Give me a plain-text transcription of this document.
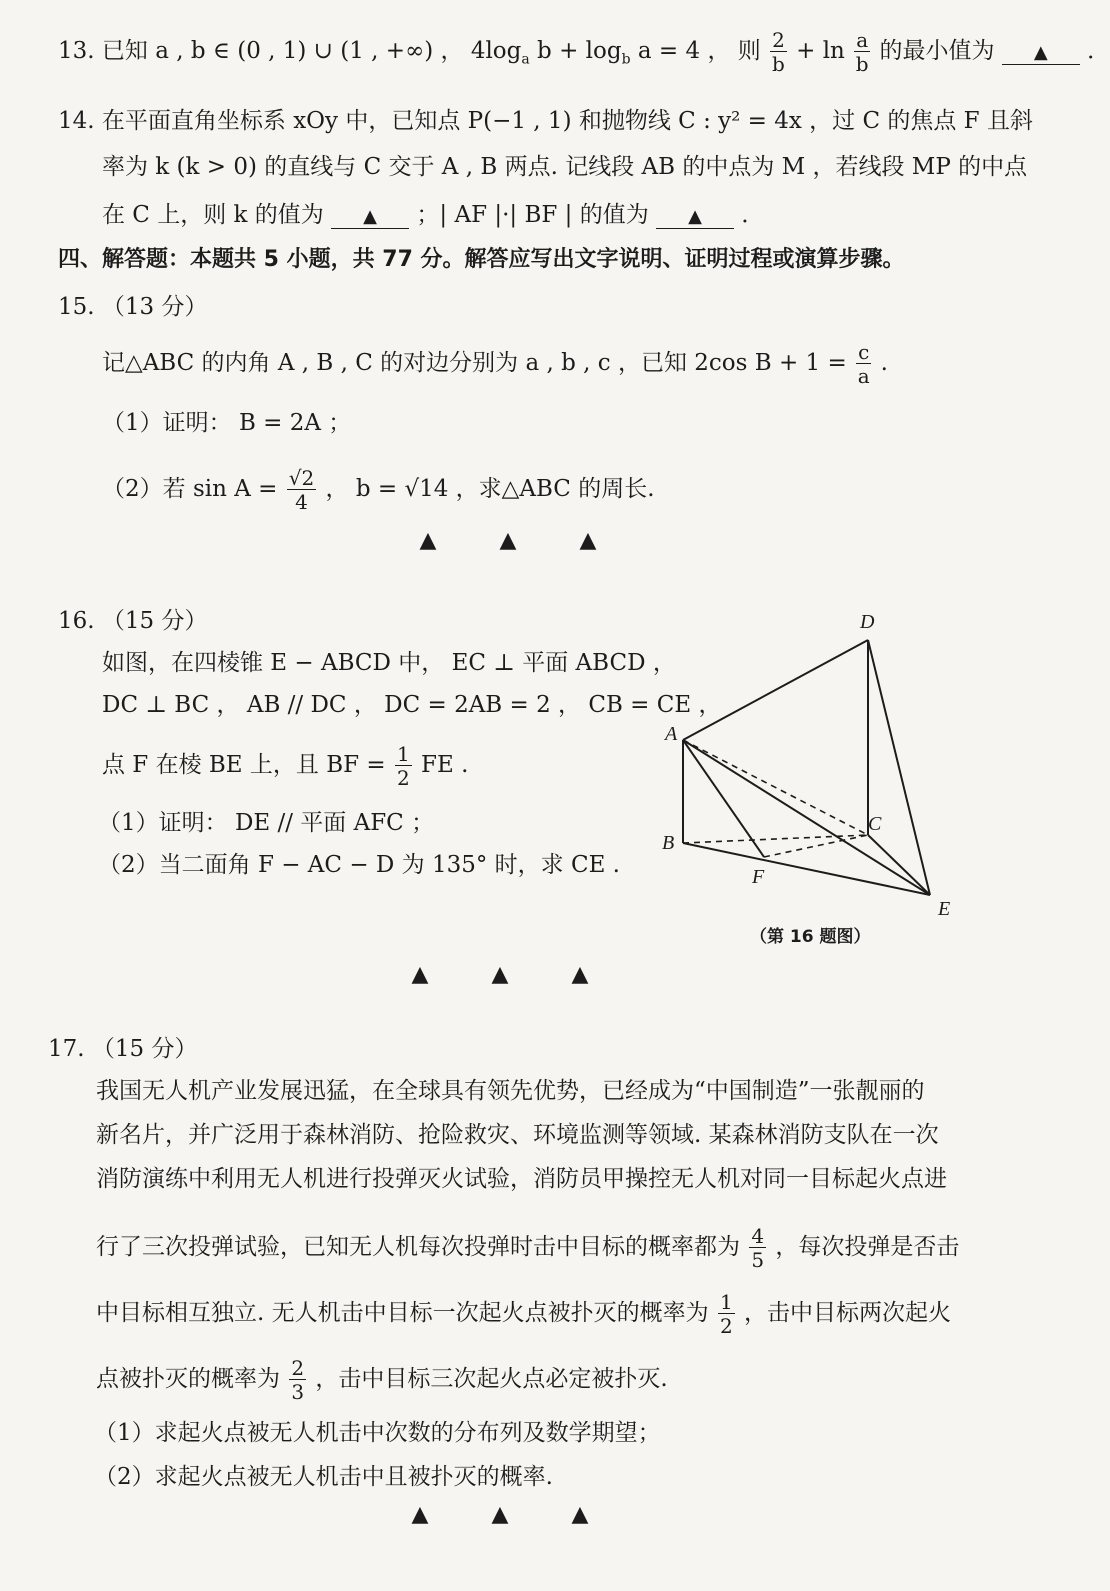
13. 已知 a , b ∈ (0 , 1) ∪ (1 , +∞) ， $4\log_a$ $b + \log_b a = 4$ ， 则 $\frac{2}{b} + \ln \frac{a}{b}$ 的最小值为 ▲ ．
14. 在平面直角坐标系 xOy 中，已知点 P(−1 , 1) 和抛物线 C : y² = 4x ，过 C 的焦点 F 且斜
率为 k (k > 0) 的直线与 C 交于 A , B 两点. 记线段 AB 的中点为 M ，若线段 MP 的中点
在 C 上，则 k 的值为 ▲ ；| AF |·| BF | 的值为 ▲ ．
四、解答题：本题共 5 小题，共 77 分。解答应写出文字说明、证明过程或演算步骤。
15. （13 分）
记△ABC 的内角 A , B , C 的对边分别为 a , b , c ，已知 2cos $B + 1 = \frac{c}{a}$ .
（1）证明： B = 2A ；
（2）若 $\sin A = \frac{√2}{4}$ ， b = √14 ，求△ABC 的周长.
▲	▲	▲
16. （15 分）
如图，在四棱锥 E − ABCD 中， EC ⊥ 平面 ABCD ，
DC ⊥ BC ， AB // DC ， DC = 2AB = 2 ， CB = CE ，
点 F 在棱 BE 上，且 BF = $\frac{1}{2}$ FE .
（1）证明： DE // 平面 AFC ；
（2）当二面角 F − AC − D 为 135° 时，求 CE .
D
A
B
C
F
E
（第 16 题图）
▲	▲	▲
17. （15 分）
我国无人机产业发展迅猛，在全球具有领先优势，已经成为“中国制造”一张靓丽的
新名片，并广泛用于森林消防、抢险救灾、环境监测等领域. 某森林消防支队在一次
消防演练中利用无人机进行投弹灭火试验，消防员甲操控无人机对同一目标起火点进
行了三次投弹试验，已知无人机每次投弹时击中目标的概率都为 $\frac{4}{5}$ ，每次投弹是否击
中目标相互独立. 无人机击中目标一次起火点被扑灭的概率为 $\frac{1}{2}$ ，击中目标两次起火
点被扑灭的概率为 $\frac{2}{3}$ ，击中目标三次起火点必定被扑灭.
（1）求起火点被无人机击中次数的分布列及数学期望；
（2）求起火点被无人机击中且被扑灭的概率.
▲	▲	▲
